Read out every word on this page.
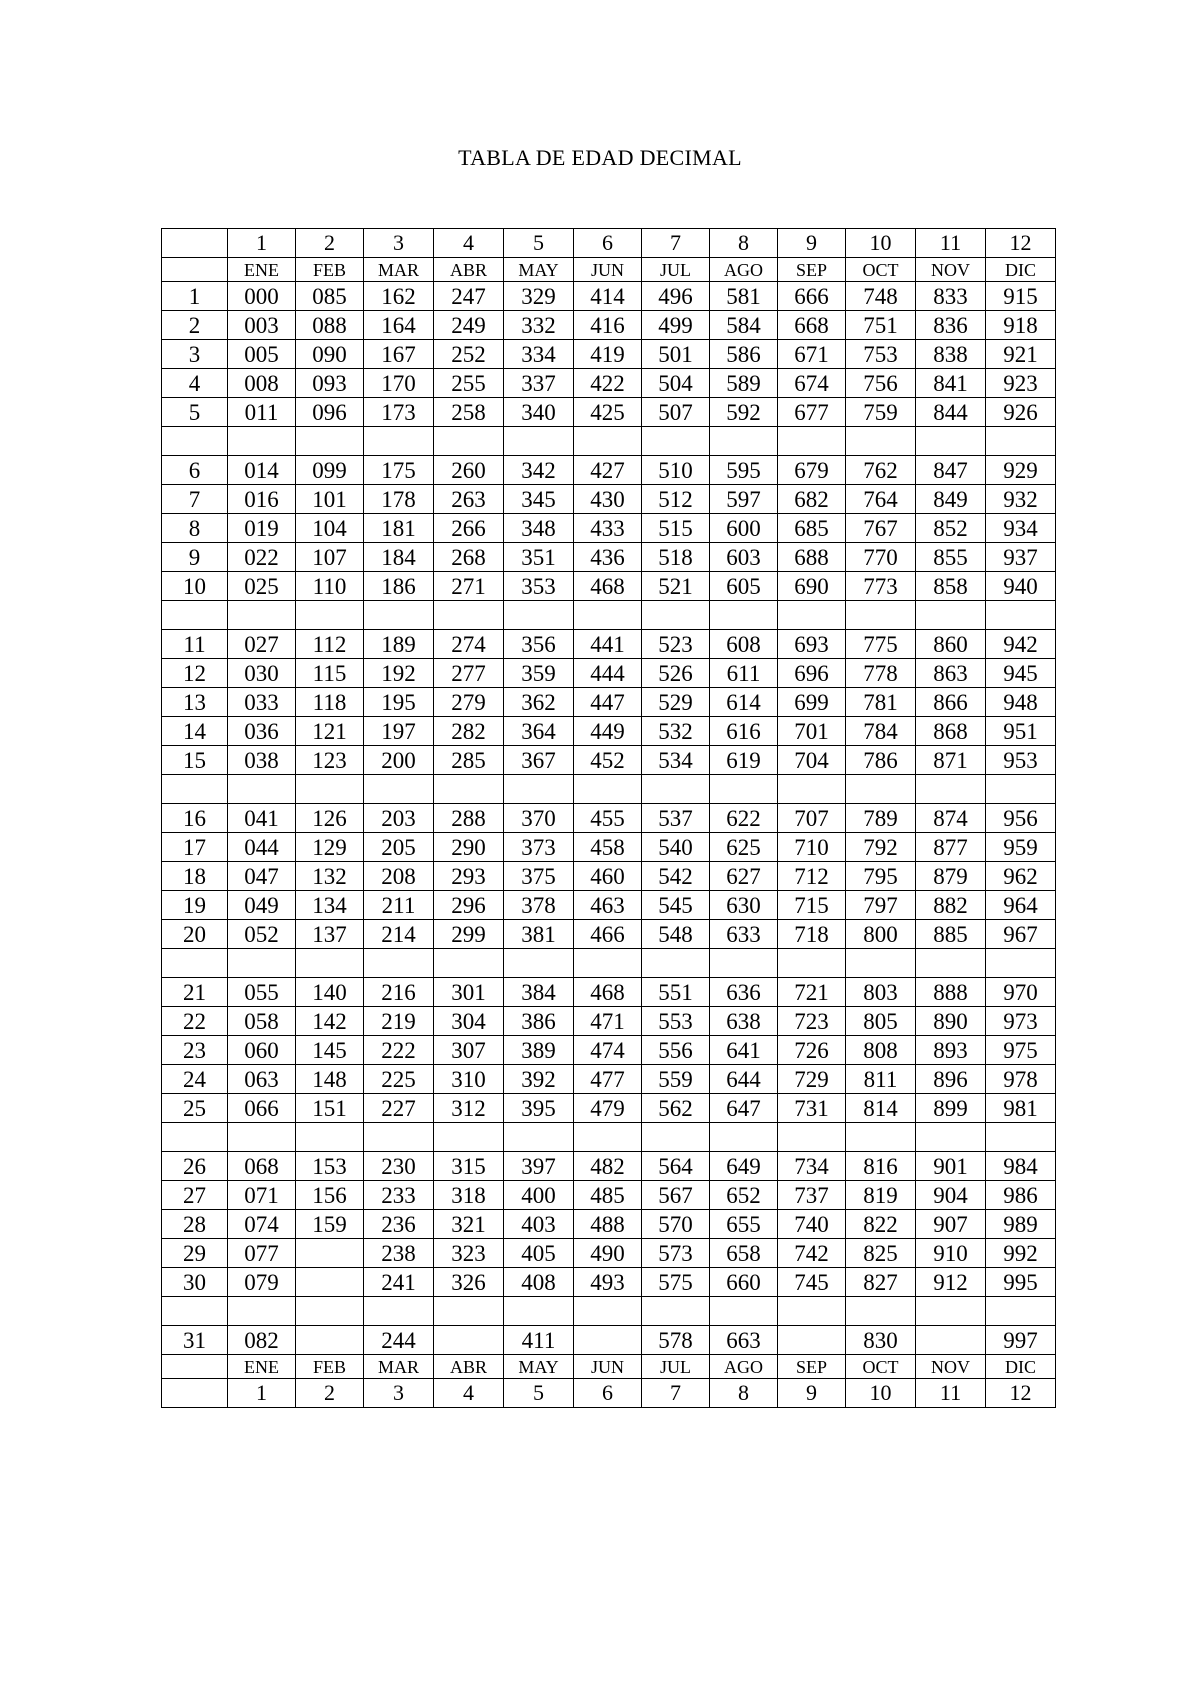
TABLA DE EDAD DECIMAL
	1	2	3	4	5	6	7	8	9	10	11	12
	ENE	FEB	MAR	ABR	MAY	JUN	JUL	AGO	SEP	OCT	NOV	DIC
1	000	085	162	247	329	414	496	581	666	748	833	915
2	003	088	164	249	332	416	499	584	668	751	836	918
3	005	090	167	252	334	419	501	586	671	753	838	921
4	008	093	170	255	337	422	504	589	674	756	841	923
5	011	096	173	258	340	425	507	592	677	759	844	926

6	014	099	175	260	342	427	510	595	679	762	847	929
7	016	101	178	263	345	430	512	597	682	764	849	932
8	019	104	181	266	348	433	515	600	685	767	852	934
9	022	107	184	268	351	436	518	603	688	770	855	937
10	025	110	186	271	353	468	521	605	690	773	858	940

11	027	112	189	274	356	441	523	608	693	775	860	942
12	030	115	192	277	359	444	526	611	696	778	863	945
13	033	118	195	279	362	447	529	614	699	781	866	948
14	036	121	197	282	364	449	532	616	701	784	868	951
15	038	123	200	285	367	452	534	619	704	786	871	953

16	041	126	203	288	370	455	537	622	707	789	874	956
17	044	129	205	290	373	458	540	625	710	792	877	959
18	047	132	208	293	375	460	542	627	712	795	879	962
19	049	134	211	296	378	463	545	630	715	797	882	964
20	052	137	214	299	381	466	548	633	718	800	885	967

21	055	140	216	301	384	468	551	636	721	803	888	970
22	058	142	219	304	386	471	553	638	723	805	890	973
23	060	145	222	307	389	474	556	641	726	808	893	975
24	063	148	225	310	392	477	559	644	729	811	896	978
25	066	151	227	312	395	479	562	647	731	814	899	981

26	068	153	230	315	397	482	564	649	734	816	901	984
27	071	156	233	318	400	485	567	652	737	819	904	986
28	074	159	236	321	403	488	570	655	740	822	907	989
29	077		238	323	405	490	573	658	742	825	910	992
30	079		241	326	408	493	575	660	745	827	912	995

31	082		244		411		578	663		830		997
	ENE	FEB	MAR	ABR	MAY	JUN	JUL	AGO	SEP	OCT	NOV	DIC
	1	2	3	4	5	6	7	8	9	10	11	12
